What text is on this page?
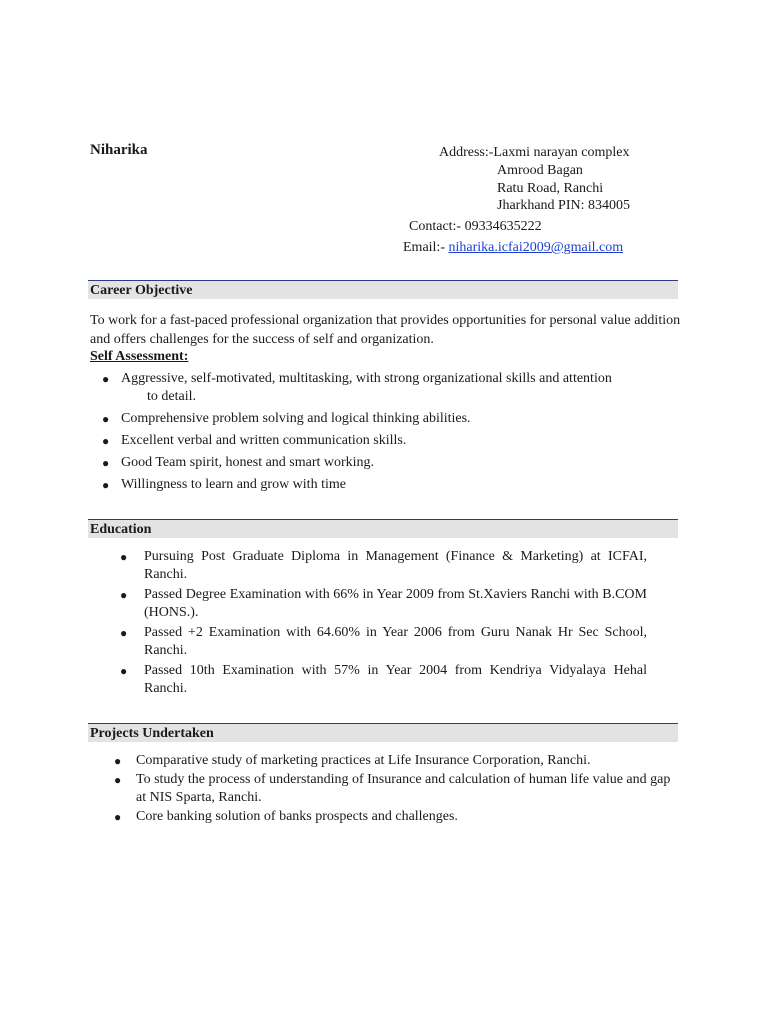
Niharika	Address:-Laxmi narayan complex
Amrood Bagan
Ratu Road, Ranchi
Jharkhand PIN: 834005
Contact:- 09334635222
Email:- niharika.icfai2009@gmail.com
Career Objective
To work for a fast-paced professional organization that provides opportunities for personal value addition and offers challenges for the success of self and organization.
Self Assessment:
● Aggressive, self-motivated, multitasking, with strong organizational skills and attention
to detail.
● Comprehensive problem solving and logical thinking abilities.
● Excellent verbal and written communication skills.
● Good Team spirit, honest and smart working.
● Willingness to learn and grow with time
Education
● Pursuing Post Graduate Diploma in Management (Finance & Marketing) at ICFAI, Ranchi.
● Passed Degree Examination with 66% in Year 2009 from St.Xaviers Ranchi with B.COM (HONS.).
● Passed +2 Examination with 64.60% in Year 2006 from Guru Nanak Hr Sec School, Ranchi.
● Passed 10th Examination with 57% in Year 2004 from Kendriya Vidyalaya Hehal Ranchi.
Projects Undertaken
● Comparative study of marketing practices at Life Insurance Corporation, Ranchi.
● To study the process of understanding of Insurance and calculation of human life value and gap at NIS Sparta, Ranchi.
● Core banking solution of banks prospects and challenges.
